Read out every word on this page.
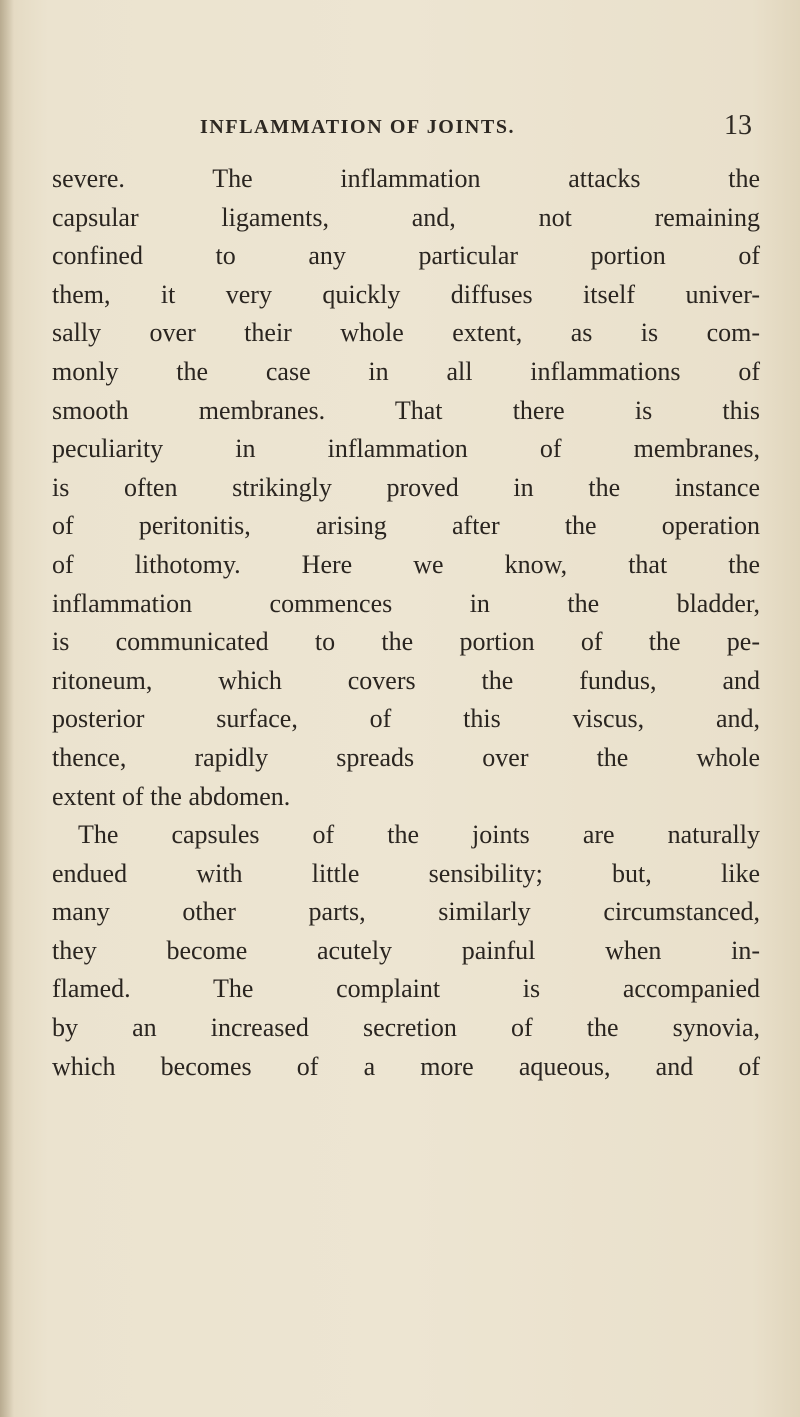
INFLAMMATION OF JOINTS.	13
severe. The inflammation attacks the
capsular ligaments, and, not remaining
confined to any particular portion of
them, it very quickly diffuses itself univer-
sally over their whole extent, as is com-
monly the case in all inflammations of
smooth membranes. That there is this
peculiarity in inflammation of membranes,
is often strikingly proved in the instance
of peritonitis, arising after the operation
of lithotomy. Here we know, that the
inflammation commences in the bladder,
is communicated to the portion of the pe-
ritoneum, which covers the fundus, and
posterior surface, of this viscus, and,
thence, rapidly spreads over the whole
extent of the abdomen.
The capsules of the joints are naturally
endued with little sensibility; but, like
many other parts, similarly circumstanced,
they become acutely painful when in-
flamed. The complaint is accompanied
by an increased secretion of the synovia,
which becomes of a more aqueous, and of
